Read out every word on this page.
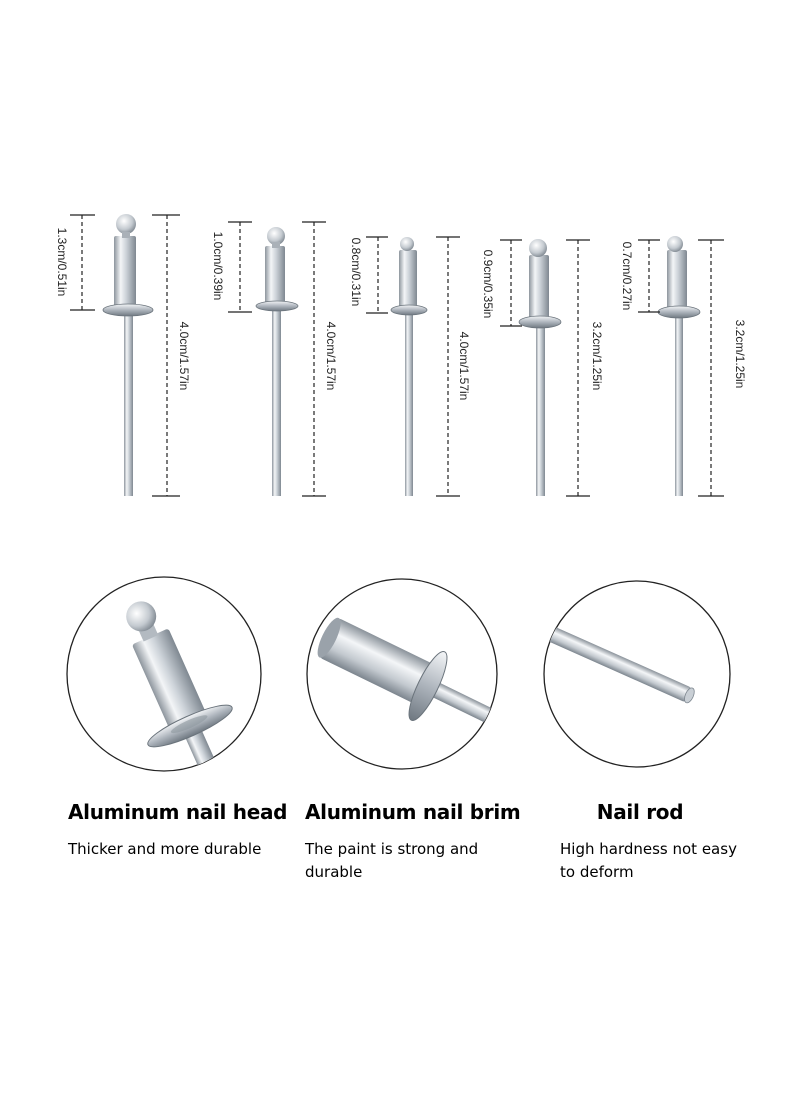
1.3cm/0.51in
4.0cm/1.57in
1.0cm/0.39in
4.0cm/1.57in
0.8cm/0.31in
4.0cm/1.57in
0.9cm/0.35in
3.2cm/1.25in
0.7cm/0.27in
3.2cm/1.25in
Aluminum nail head
Thicker and more durable
Aluminum nail brim
The paint is strong and durable
Nail rod
High hardness not easy to deform
